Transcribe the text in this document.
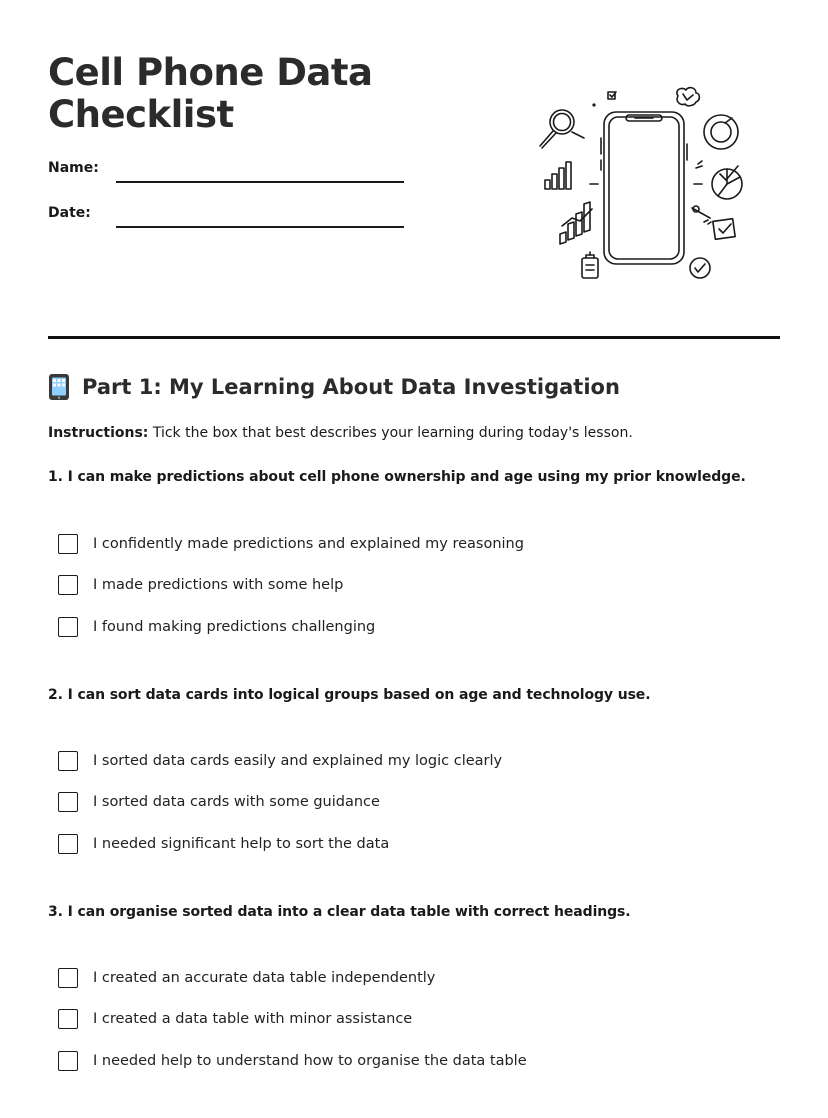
Cell Phone Data
Checklist
Name:
Date:
Part 1: My Learning About Data Investigation
Instructions: Tick the box that best describes your learning during today's lesson.
1. I can make predictions about cell phone ownership and age using my prior knowledge.
I confidently made predictions and explained my reasoning
I made predictions with some help
I found making predictions challenging
2. I can sort data cards into logical groups based on age and technology use.
I sorted data cards easily and explained my logic clearly
I sorted data cards with some guidance
I needed significant help to sort the data
3. I can organise sorted data into a clear data table with correct headings.
I created an accurate data table independently
I created a data table with minor assistance
I needed help to understand how to organise the data table
